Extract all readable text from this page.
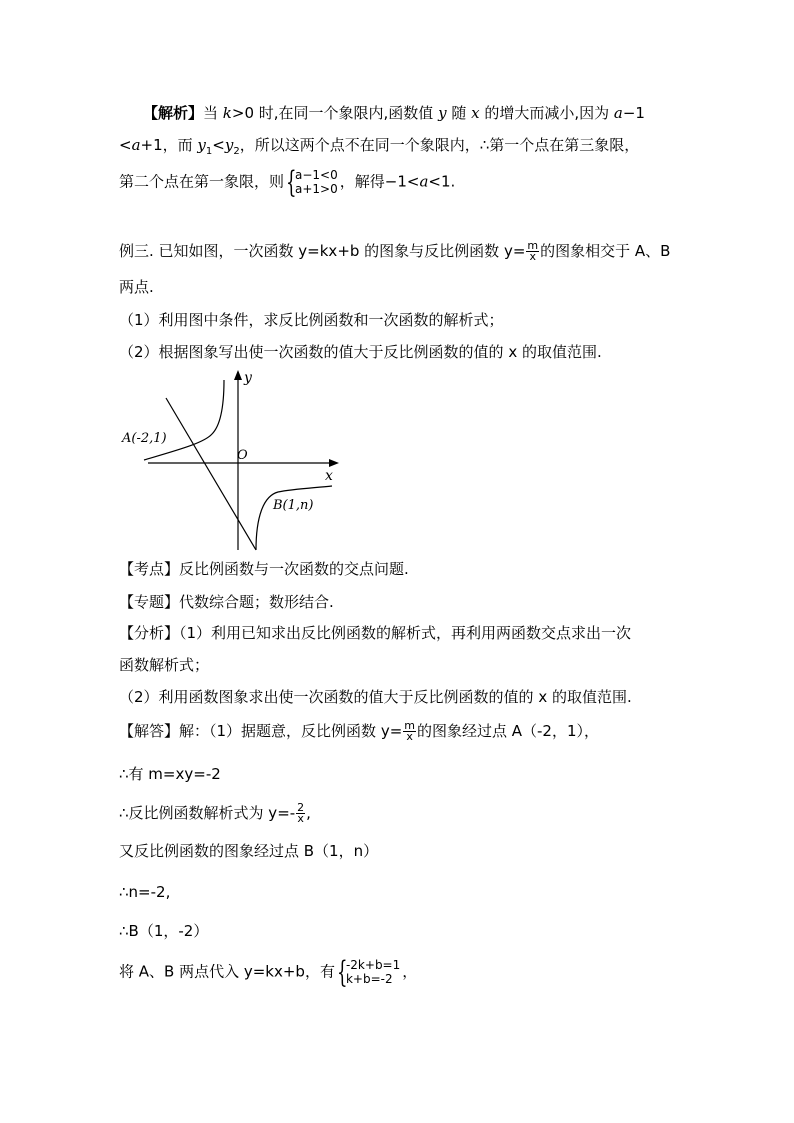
【解析】当 k>0 时,在同一个象限内,函数值 y 随 x 的增大而减小,因为 a−1
<a+1，而 $y_1<y_2$，所以这两个点不在同一个象限内，∴第一个点在第三象限，
第二个点在第一象限，则 {
a−1<0
a+1>0 ，解得−1<a<1.
例三. 已知如图，一次函数 y=kx+b 的图象与反比例函数 $y= \frac{m}{x}$ 的图象相交于 A、B
两点.
（1）利用图中条件，求反比例函数和一次函数的解析式；
（2）根据图象写出使一次函数的值大于反比例函数的值的 x 的取值范围.
y
x
O
A(-2,1)
B(1,n)
【考点】反比例函数与一次函数的交点问题.
【专题】代数综合题；数形结合.
【分析】（1）利用已知求出反比例函数的解析式，再利用两函数交点求出一次
函数解析式；
（2）利用函数图象求出使一次函数的值大于反比例函数的值的 x 的取值范围.
【解答】解：（1）据题意，反比例函数 $y= \frac{m}{x}$ 的图象经过点 A（-2，1），
∴有 m=xy=-2
∴反比例函数解析式为 $y=- \frac{2}{x}$ ,
又反比例函数的图象经过点 B（1，n）
∴n=-2,
∴B（1，-2）
将 A、B 两点代入 y=kx+b，有 {
-2k+b=1
k+b=-2 ，
